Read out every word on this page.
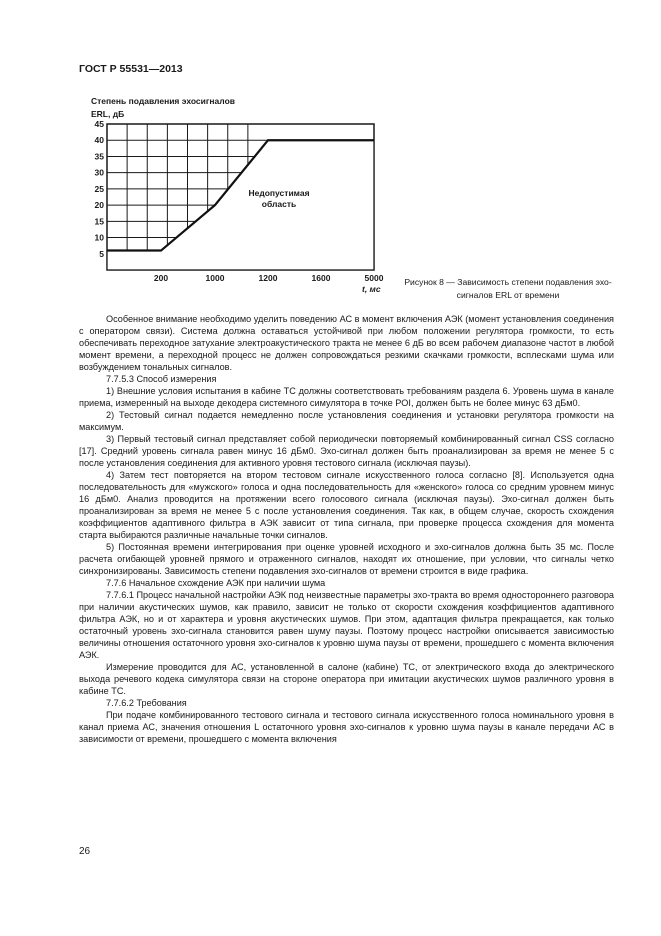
ГОСТ Р 55531—2013
Степень подавления эхосигналов
ERL, дБ
5
10
15
20
25
30
35
40
45
200	1000	1200	1600	5000
Недопустимая
область
t, мс
Рисунок 8 — Зависимость степени подавления эхо-сигналов ERL от времени

Особенное внимание необходимо уделить поведению АС в момент включения АЭК (момент установления соединения с оператором связи). Система должна оставаться устойчивой при любом положении регулятора громкости, то есть обеспечивать переходное затухание электроакустического тракта не менее 6 дБ во всем рабочем диапазоне частот в любой момент времени, а переходной процесс не должен сопровождаться резкими скачками громкости, всплесками шума или возбуждением тональных сигналов.

7.7.5.3 Способ измерения

1) Внешние условия испытания в кабине ТС должны соответствовать требованиям раздела 6. Уровень шума в канале приема, измеренный на выходе декодера системного симулятора в точке POI, должен быть не более минус 63 дБм0.

2) Тестовый сигнал подается немедленно после установления соединения и установки регулятора громкости на максимум.

3) Первый тестовый сигнал представляет собой периодически повторяемый комбинированный сигнал CSS согласно [17]. Средний уровень сигнала равен минус 16 дБм0. Эхо-сигнал должен быть проанализирован за время не менее 5 с после установления соединения для активного уровня тестового сигнала (исключая паузы).

4) Затем тест повторяется на втором тестовом сигнале искусственного голоса согласно [8]. Используется одна последовательность для «мужского» голоса и одна последовательность для «женского» голоса со средним уровнем минус 16 дБм0. Анализ проводится на протяжении всего голосового сигнала (исключая паузы). Эхо-сигнал должен быть проанализирован за время не менее 5 с после установления соединения. Так как, в общем случае, скорость схождения коэффициентов адаптивного фильтра в АЭК зависит от типа сигнала, при проверке процесса схождения для момента старта выбираются различные начальные точки сигналов.

5) Постоянная времени интегрирования при оценке уровней исходного и эхо-сигналов должна быть 35 мс. После расчета огибающей уровней прямого и отраженного сигналов, находят их отношение, при условии, что сигналы четко синхронизированы. Зависимость степени подавления эхо-сигналов от времени строится в виде графика.

7.7.6 Начальное схождение АЭК при наличии шума

7.7.6.1 Процесс начальной настройки АЭК под неизвестные параметры эхо-тракта во время одностороннего разговора при наличии акустических шумов, как правило, зависит не только от скорости схождения коэффициентов адаптивного фильтра АЭК, но и от характера и уровня акустических шумов. При этом, адаптация фильтра прекращается, как только остаточный уровень эхо-сигнала становится равен шуму паузы. Поэтому процесс настройки описывается зависимостью величины отношения остаточного уровня эхо-сигналов к уровню шума паузы от времени, прошедшего с момента включения АЭК.

Измерение проводится для АС, установленной в салоне (кабине) ТС, от электрического входа до электрического выхода речевого кодека симулятора связи на стороне оператора при имитации акустических шумов различного уровня в кабине ТС.

7.7.6.2 Требования

При подаче комбинированного тестового сигнала и тестового сигнала искусственного голоса номинального уровня в канал приема АС, значения отношения L остаточного уровня эхо-сигналов к уровню шума паузы в канале передачи АС в зависимости от времени, прошедшего с момента включения

26
